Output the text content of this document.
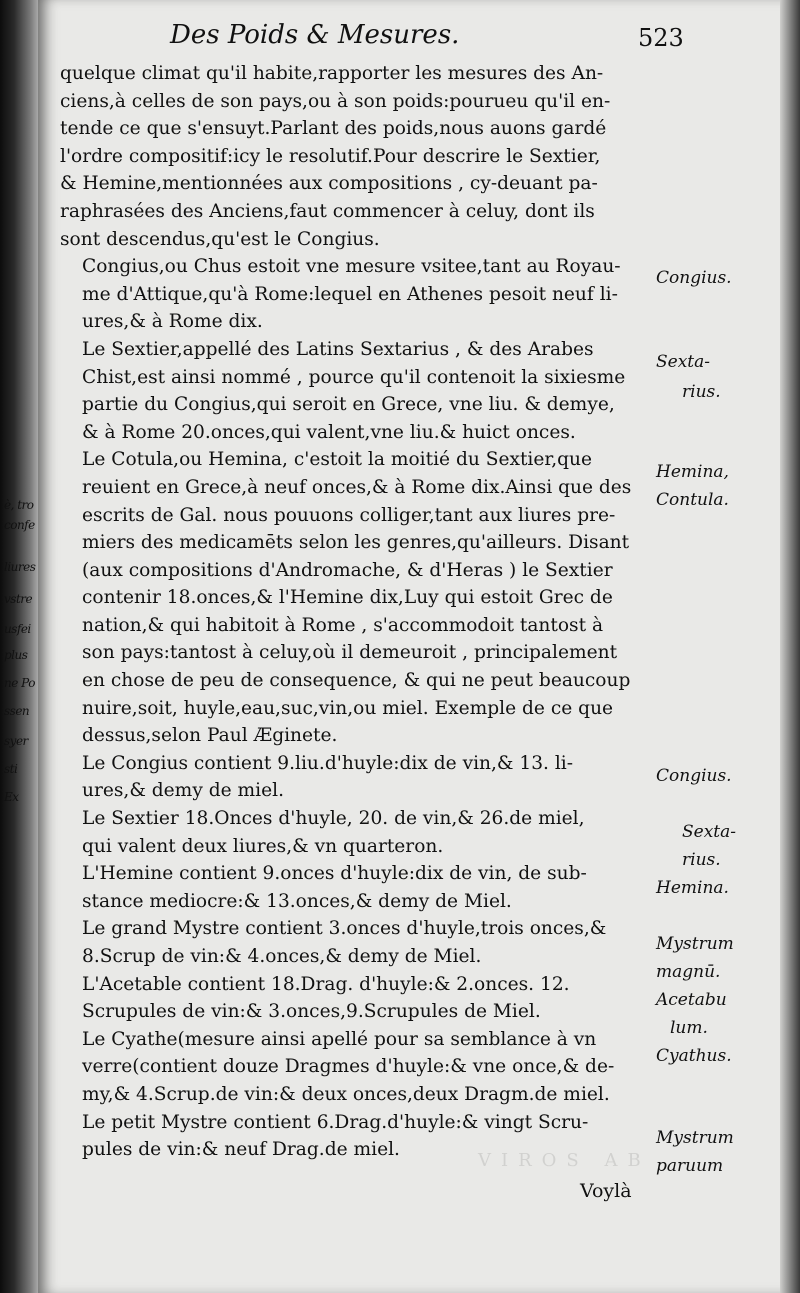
è, tro
confe
liures
vstre
usfei
plus
ne Po
ssen
syer
sti
Ex
VIROS AB
Des Poids & Mesures.	523

quelque climat qu'il habite,rapporter les mesures des An-
ciens,à celles de son pays,ou à son poids:pourueu qu'il en-
tende ce que s'ensuyt.Parlant des poids,nous auons gardé
l'ordre compositif:icy le resolutif.Pour descrire le Sextier,
& Hemine,mentionnées aux compositions , cy-deuant pa-
raphrasées des Anciens,faut commencer à celuy, dont ils
sont descendus,qu'est le Congius.

Congius,ou Chus estoit vne mesure vsitee,tant au Royau-
me d'Attique,qu'à Rome:lequel en Athenes pesoit neuf li-
ures,& à Rome dix.

Le Sextier,appellé des Latins Sextarius , & des Arabes
Chist,est ainsi nommé , pource qu'il contenoit la sixiesme
partie du Congius,qui seroit en Grece, vne liu. & demye,
& à Rome 20.onces,qui valent,vne liu.& huict onces.

Le Cotula,ou Hemina, c'estoit la moitié du Sextier,que
reuient en Grece,à neuf onces,& à Rome dix.Ainsi que des
escrits de Gal. nous pouuons colliger,tant aux liures pre-
miers des medicamēts selon les genres,qu'ailleurs. Disant
(aux compositions d'Andromache, & d'Heras ) le Sextier
contenir 18.onces,& l'Hemine dix,Luy qui estoit Grec de
nation,& qui habitoit à Rome , s'accommodoit tantost à
son pays:tantost à celuy,où il demeuroit , principalement
en chose de peu de consequence, & qui ne peut beaucoup
nuire,soit, huyle,eau,suc,vin,ou miel. Exemple de ce que
dessus,selon Paul Æginete.

Le Congius contient 9.liu.d'huyle:dix de vin,& 13. li-
ures,& demy de miel.

Le Sextier 18.Onces d'huyle, 20. de vin,& 26.de miel,
qui valent deux liures,& vn quarteron.

L'Hemine contient 9.onces d'huyle:dix de vin, de sub-
stance mediocre:& 13.onces,& demy de Miel.

Le grand Mystre contient 3.onces d'huyle,trois onces,&
8.Scrup de vin:& 4.onces,& demy de Miel.

L'Acetable contient 18.Drag. d'huyle:& 2.onces. 12.
Scrupules de vin:& 3.onces,9.Scrupules de Miel.

Le Cyathe(mesure ainsi apellé pour sa semblance à vn
verre(contient douze Dragmes d'huyle:& vne once,& de-
my,& 4.Scrup.de vin:& deux onces,deux Dragm.de miel.

Le petit Mystre contient 6.Drag.d'huyle:& vingt Scru-
pules de vin:& neuf Drag.de miel.

Congius.
Sexta-
rius.
Hemina,
Contula.
Congius.
Sexta-
rius.
Hemina.
Mystrum
magnū.
Acetabu
lum.
Cyathus.
Mystrum
paruum
Voylà
